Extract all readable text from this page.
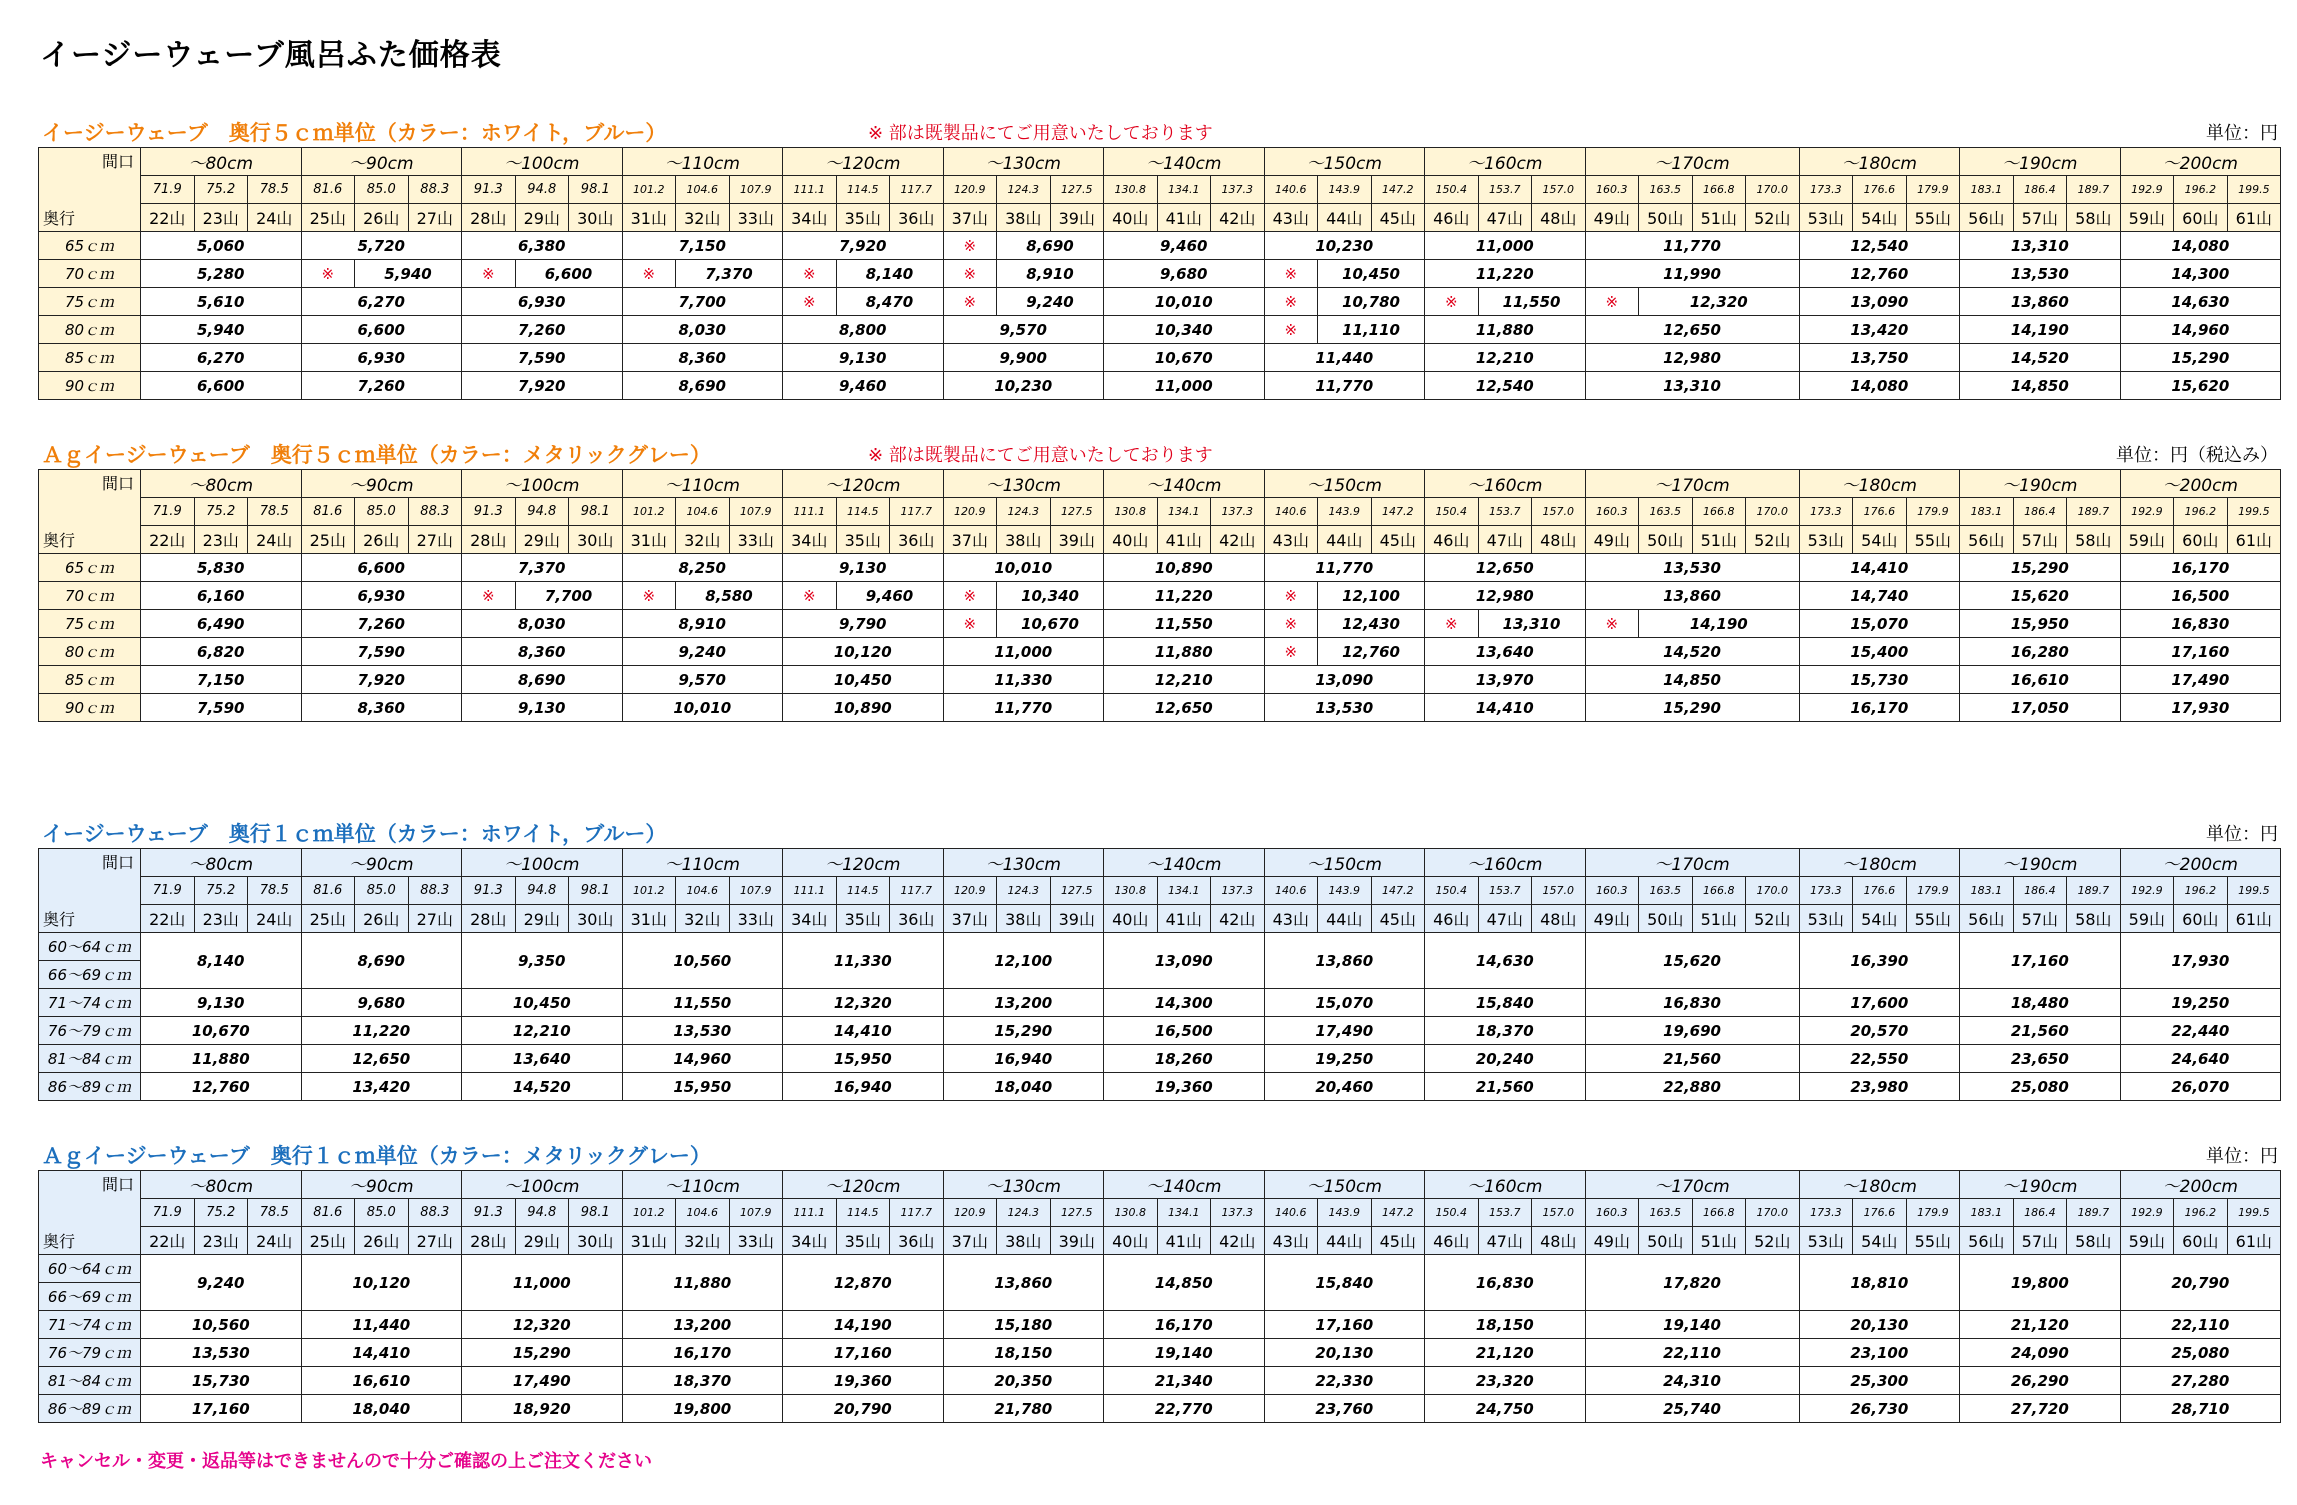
イージーウェーブ風呂ふた価格表
イージーウェーブ　奥行５ｃｍ単位（カラー：ホワイト，ブルー）	※ 部は既製品にてご用意いたしております	単位：円
間口
奥行	～80cm			～90cm			～100cm			～110cm			～120cm			～130cm			～140cm			～150cm			～160cm			～170cm				～180cm			～190cm			～200cm		
	71.9	75.2	78.5	81.6	85.0	88.3	91.3	94.8	98.1	101.2	104.6	107.9	111.1	114.5	117.7	120.9	124.3	127.5	130.8	134.1	137.3	140.6	143.9	147.2	150.4	153.7	157.0	160.3	163.5	166.8	170.0	173.3	176.6	179.9	183.1	186.4	189.7	192.9	196.2	199.5
	22山	23山	24山	25山	26山	27山	28山	29山	30山	31山	32山	33山	34山	35山	36山	37山	38山	39山	40山	41山	42山	43山	44山	45山	46山	47山	48山	49山	50山	51山	52山	53山	54山	55山	56山	57山	58山	59山	60山	61山
65ｃｍ	5,060			5,720			6,380			7,150			7,920			※	8,690		9,460			10,230			11,000			11,770				12,540			13,310			14,080		
70ｃｍ	5,280			※	5,940		※	6,600		※	7,370		※	8,140		※	8,910		9,680			※	10,450		11,220			11,990				12,760			13,530			14,300		
75ｃｍ	5,610			6,270			6,930			7,700			※	8,470		※	9,240		10,010			※	10,780		※	11,550		※	12,320			13,090			13,860			14,630		
80ｃｍ	5,940			6,600			7,260			8,030			8,800			9,570			10,340			※	11,110		11,880			12,650				13,420			14,190			14,960		
85ｃｍ	6,270			6,930			7,590			8,360			9,130			9,900			10,670			11,440			12,210			12,980				13,750			14,520			15,290		
90ｃｍ	6,600			7,260			7,920			8,690			9,460			10,230			11,000			11,770			12,540			13,310				14,080			14,850			15,620		
Ａｇイージーウェーブ　奥行５ｃｍ単位（カラー：メタリックグレー）	※ 部は既製品にてご用意いたしております	単位：円（税込み）
間口
奥行	～80cm			～90cm			～100cm			～110cm			～120cm			～130cm			～140cm			～150cm			～160cm			～170cm				～180cm			～190cm			～200cm		
	71.9	75.2	78.5	81.6	85.0	88.3	91.3	94.8	98.1	101.2	104.6	107.9	111.1	114.5	117.7	120.9	124.3	127.5	130.8	134.1	137.3	140.6	143.9	147.2	150.4	153.7	157.0	160.3	163.5	166.8	170.0	173.3	176.6	179.9	183.1	186.4	189.7	192.9	196.2	199.5
	22山	23山	24山	25山	26山	27山	28山	29山	30山	31山	32山	33山	34山	35山	36山	37山	38山	39山	40山	41山	42山	43山	44山	45山	46山	47山	48山	49山	50山	51山	52山	53山	54山	55山	56山	57山	58山	59山	60山	61山
65ｃｍ	5,830			6,600			7,370			8,250			9,130			10,010			10,890			11,770			12,650			13,530				14,410			15,290			16,170		
70ｃｍ	6,160			6,930			※	7,700		※	8,580		※	9,460		※	10,340		11,220			※	12,100		12,980			13,860				14,740			15,620			16,500		
75ｃｍ	6,490			7,260			8,030			8,910			9,790			※	10,670		11,550			※	12,430		※	13,310		※	14,190			15,070			15,950			16,830		
80ｃｍ	6,820			7,590			8,360			9,240			10,120			11,000			11,880			※	12,760		13,640			14,520				15,400			16,280			17,160		
85ｃｍ	7,150			7,920			8,690			9,570			10,450			11,330			12,210			13,090			13,970			14,850				15,730			16,610			17,490		
90ｃｍ	7,590			8,360			9,130			10,010			10,890			11,770			12,650			13,530			14,410			15,290				16,170			17,050			17,930		
イージーウェーブ　奥行１ｃｍ単位（カラー：ホワイト，ブルー）	単位：円
間口
奥行	～80cm			～90cm			～100cm			～110cm			～120cm			～130cm			～140cm			～150cm			～160cm			～170cm				～180cm			～190cm			～200cm		
	71.9	75.2	78.5	81.6	85.0	88.3	91.3	94.8	98.1	101.2	104.6	107.9	111.1	114.5	117.7	120.9	124.3	127.5	130.8	134.1	137.3	140.6	143.9	147.2	150.4	153.7	157.0	160.3	163.5	166.8	170.0	173.3	176.6	179.9	183.1	186.4	189.7	192.9	196.2	199.5
	22山	23山	24山	25山	26山	27山	28山	29山	30山	31山	32山	33山	34山	35山	36山	37山	38山	39山	40山	41山	42山	43山	44山	45山	46山	47山	48山	49山	50山	51山	52山	53山	54山	55山	56山	57山	58山	59山	60山	61山
60～64ｃｍ	8,140			8,690			9,350			10,560			11,330			12,100			13,090			13,860			14,630			15,620				16,390			17,160			17,930		
66～69ｃｍ																																								
71～74ｃｍ	9,130			9,680			10,450			11,550			12,320			13,200			14,300			15,070			15,840			16,830				17,600			18,480			19,250		
76～79ｃｍ	10,670			11,220			12,210			13,530			14,410			15,290			16,500			17,490			18,370			19,690				20,570			21,560			22,440		
81～84ｃｍ	11,880			12,650			13,640			14,960			15,950			16,940			18,260			19,250			20,240			21,560				22,550			23,650			24,640		
86～89ｃｍ	12,760			13,420			14,520			15,950			16,940			18,040			19,360			20,460			21,560			22,880				23,980			25,080			26,070		
Ａｇイージーウェーブ　奥行１ｃｍ単位（カラー：メタリックグレー）	単位：円
間口
奥行	～80cm			～90cm			～100cm			～110cm			～120cm			～130cm			～140cm			～150cm			～160cm			～170cm				～180cm			～190cm			～200cm		
	71.9	75.2	78.5	81.6	85.0	88.3	91.3	94.8	98.1	101.2	104.6	107.9	111.1	114.5	117.7	120.9	124.3	127.5	130.8	134.1	137.3	140.6	143.9	147.2	150.4	153.7	157.0	160.3	163.5	166.8	170.0	173.3	176.6	179.9	183.1	186.4	189.7	192.9	196.2	199.5
	22山	23山	24山	25山	26山	27山	28山	29山	30山	31山	32山	33山	34山	35山	36山	37山	38山	39山	40山	41山	42山	43山	44山	45山	46山	47山	48山	49山	50山	51山	52山	53山	54山	55山	56山	57山	58山	59山	60山	61山
60～64ｃｍ	9,240			10,120			11,000			11,880			12,870			13,860			14,850			15,840			16,830			17,820				18,810			19,800			20,790		
66～69ｃｍ																																								
71～74ｃｍ	10,560			11,440			12,320			13,200			14,190			15,180			16,170			17,160			18,150			19,140				20,130			21,120			22,110		
76～79ｃｍ	13,530			14,410			15,290			16,170			17,160			18,150			19,140			20,130			21,120			22,110				23,100			24,090			25,080		
81～84ｃｍ	15,730			16,610			17,490			18,370			19,360			20,350			21,340			22,330			23,320			24,310				25,300			26,290			27,280		
86～89ｃｍ	17,160			18,040			18,920			19,800			20,790			21,780			22,770			23,760			24,750			25,740				26,730			27,720			28,710		
キャンセル・変更・返品等はできませんので十分ご確認の上ご注文ください
